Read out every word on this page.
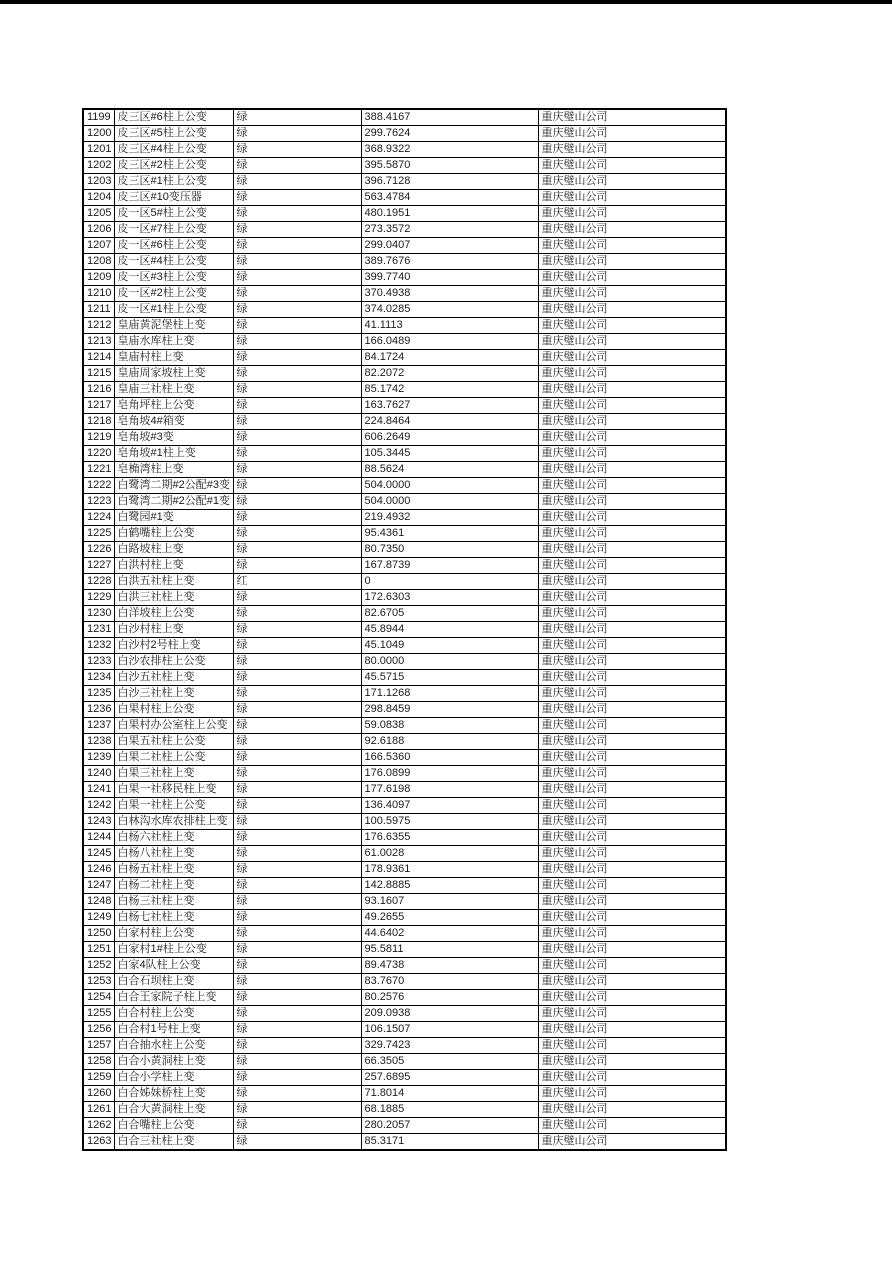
1199	皮三区#6柱上公变	绿	388.4167	重庆璧山公司
1200	皮三区#5柱上公变	绿	299.7624	重庆璧山公司
1201	皮三区#4柱上公变	绿	368.9322	重庆璧山公司
1202	皮三区#2柱上公变	绿	395.5870	重庆璧山公司
1203	皮三区#1柱上公变	绿	396.7128	重庆璧山公司
1204	皮三区#10变压器	绿	563.4784	重庆璧山公司
1205	皮一区5#柱上公变	绿	480.1951	重庆璧山公司
1206	皮一区#7柱上公变	绿	273.3572	重庆璧山公司
1207	皮一区#6柱上公变	绿	299.0407	重庆璧山公司
1208	皮一区#4柱上公变	绿	389.7676	重庆璧山公司
1209	皮一区#3柱上公变	绿	399.7740	重庆璧山公司
1210	皮一区#2柱上公变	绿	370.4938	重庆璧山公司
1211	皮一区#1柱上公变	绿	374.0285	重庆璧山公司
1212	皇庙黄泥堡柱上变	绿	41.1113	重庆璧山公司
1213	皇庙水库柱上变	绿	166.0489	重庆璧山公司
1214	皇庙村柱上变	绿	84.1724	重庆璧山公司
1215	皇庙周家坡柱上变	绿	82.2072	重庆璧山公司
1216	皇庙三社柱上变	绿	85.1742	重庆璧山公司
1217	皂角坪柱上公变	绿	163.7627	重庆璧山公司
1218	皂角坡4#箱变	绿	224.8464	重庆璧山公司
1219	皂角坡#3变	绿	606.2649	重庆璧山公司
1220	皂角坡#1柱上变	绿	105.3445	重庆璧山公司
1221	皂桷湾柱上变	绿	88.5624	重庆璧山公司
1222	白鹭湾二期#2公配#3变	绿	504.0000	重庆璧山公司
1223	白鹭湾二期#2公配#1变	绿	504.0000	重庆璧山公司
1224	白鹭园#1变	绿	219.4932	重庆璧山公司
1225	白鹤嘴柱上公变	绿	95.4361	重庆璧山公司
1226	白路坡柱上变	绿	80.7350	重庆璧山公司
1227	白洪村柱上变	绿	167.8739	重庆璧山公司
1228	白洪五社柱上变	红	0	重庆璧山公司
1229	白洪三社柱上变	绿	172.6303	重庆璧山公司
1230	白洋坡柱上公变	绿	82.6705	重庆璧山公司
1231	白沙村柱上变	绿	45.8944	重庆璧山公司
1232	白沙村2号柱上变	绿	45.1049	重庆璧山公司
1233	白沙农排柱上公变	绿	80.0000	重庆璧山公司
1234	白沙五社柱上变	绿	45.5715	重庆璧山公司
1235	白沙三社柱上变	绿	171.1268	重庆璧山公司
1236	白果村柱上公变	绿	298.8459	重庆璧山公司
1237	白果村办公室柱上公变	绿	59.0838	重庆璧山公司
1238	白果五社柱上公变	绿	92.6188	重庆璧山公司
1239	白果二社柱上公变	绿	166.5360	重庆璧山公司
1240	白果三社柱上变	绿	176.0899	重庆璧山公司
1241	白果一社移民柱上变	绿	177.6198	重庆璧山公司
1242	白果一社柱上公变	绿	136.4097	重庆璧山公司
1243	白林沟水库农排柱上变	绿	100.5975	重庆璧山公司
1244	白杨六社柱上变	绿	176.6355	重庆璧山公司
1245	白杨八社柱上变	绿	61.0028	重庆璧山公司
1246	白杨五社柱上变	绿	178.9361	重庆璧山公司
1247	白杨二社柱上变	绿	142.8885	重庆璧山公司
1248	白杨三社柱上变	绿	93.1607	重庆璧山公司
1249	白杨七社柱上变	绿	49.2655	重庆璧山公司
1250	白家村柱上公变	绿	44.6402	重庆璧山公司
1251	白家村1#柱上公变	绿	95.5811	重庆璧山公司
1252	白家4队柱上公变	绿	89.4738	重庆璧山公司
1253	白合石坝柱上变	绿	83.7670	重庆璧山公司
1254	白合王家院子柱上变	绿	80.2576	重庆璧山公司
1255	白合村柱上公变	绿	209.0938	重庆璧山公司
1256	白合村1号柱上变	绿	106.1507	重庆璧山公司
1257	白合抽水柱上公变	绿	329.7423	重庆璧山公司
1258	白合小黄洞柱上变	绿	66.3505	重庆璧山公司
1259	白合小学柱上变	绿	257.6895	重庆璧山公司
1260	白合姊妹桥柱上变	绿	71.8014	重庆璧山公司
1261	白合大黄洞柱上变	绿	68.1885	重庆璧山公司
1262	白合嘴柱上公变	绿	280.2057	重庆璧山公司
1263	白合三社柱上变	绿	85.3171	重庆璧山公司
